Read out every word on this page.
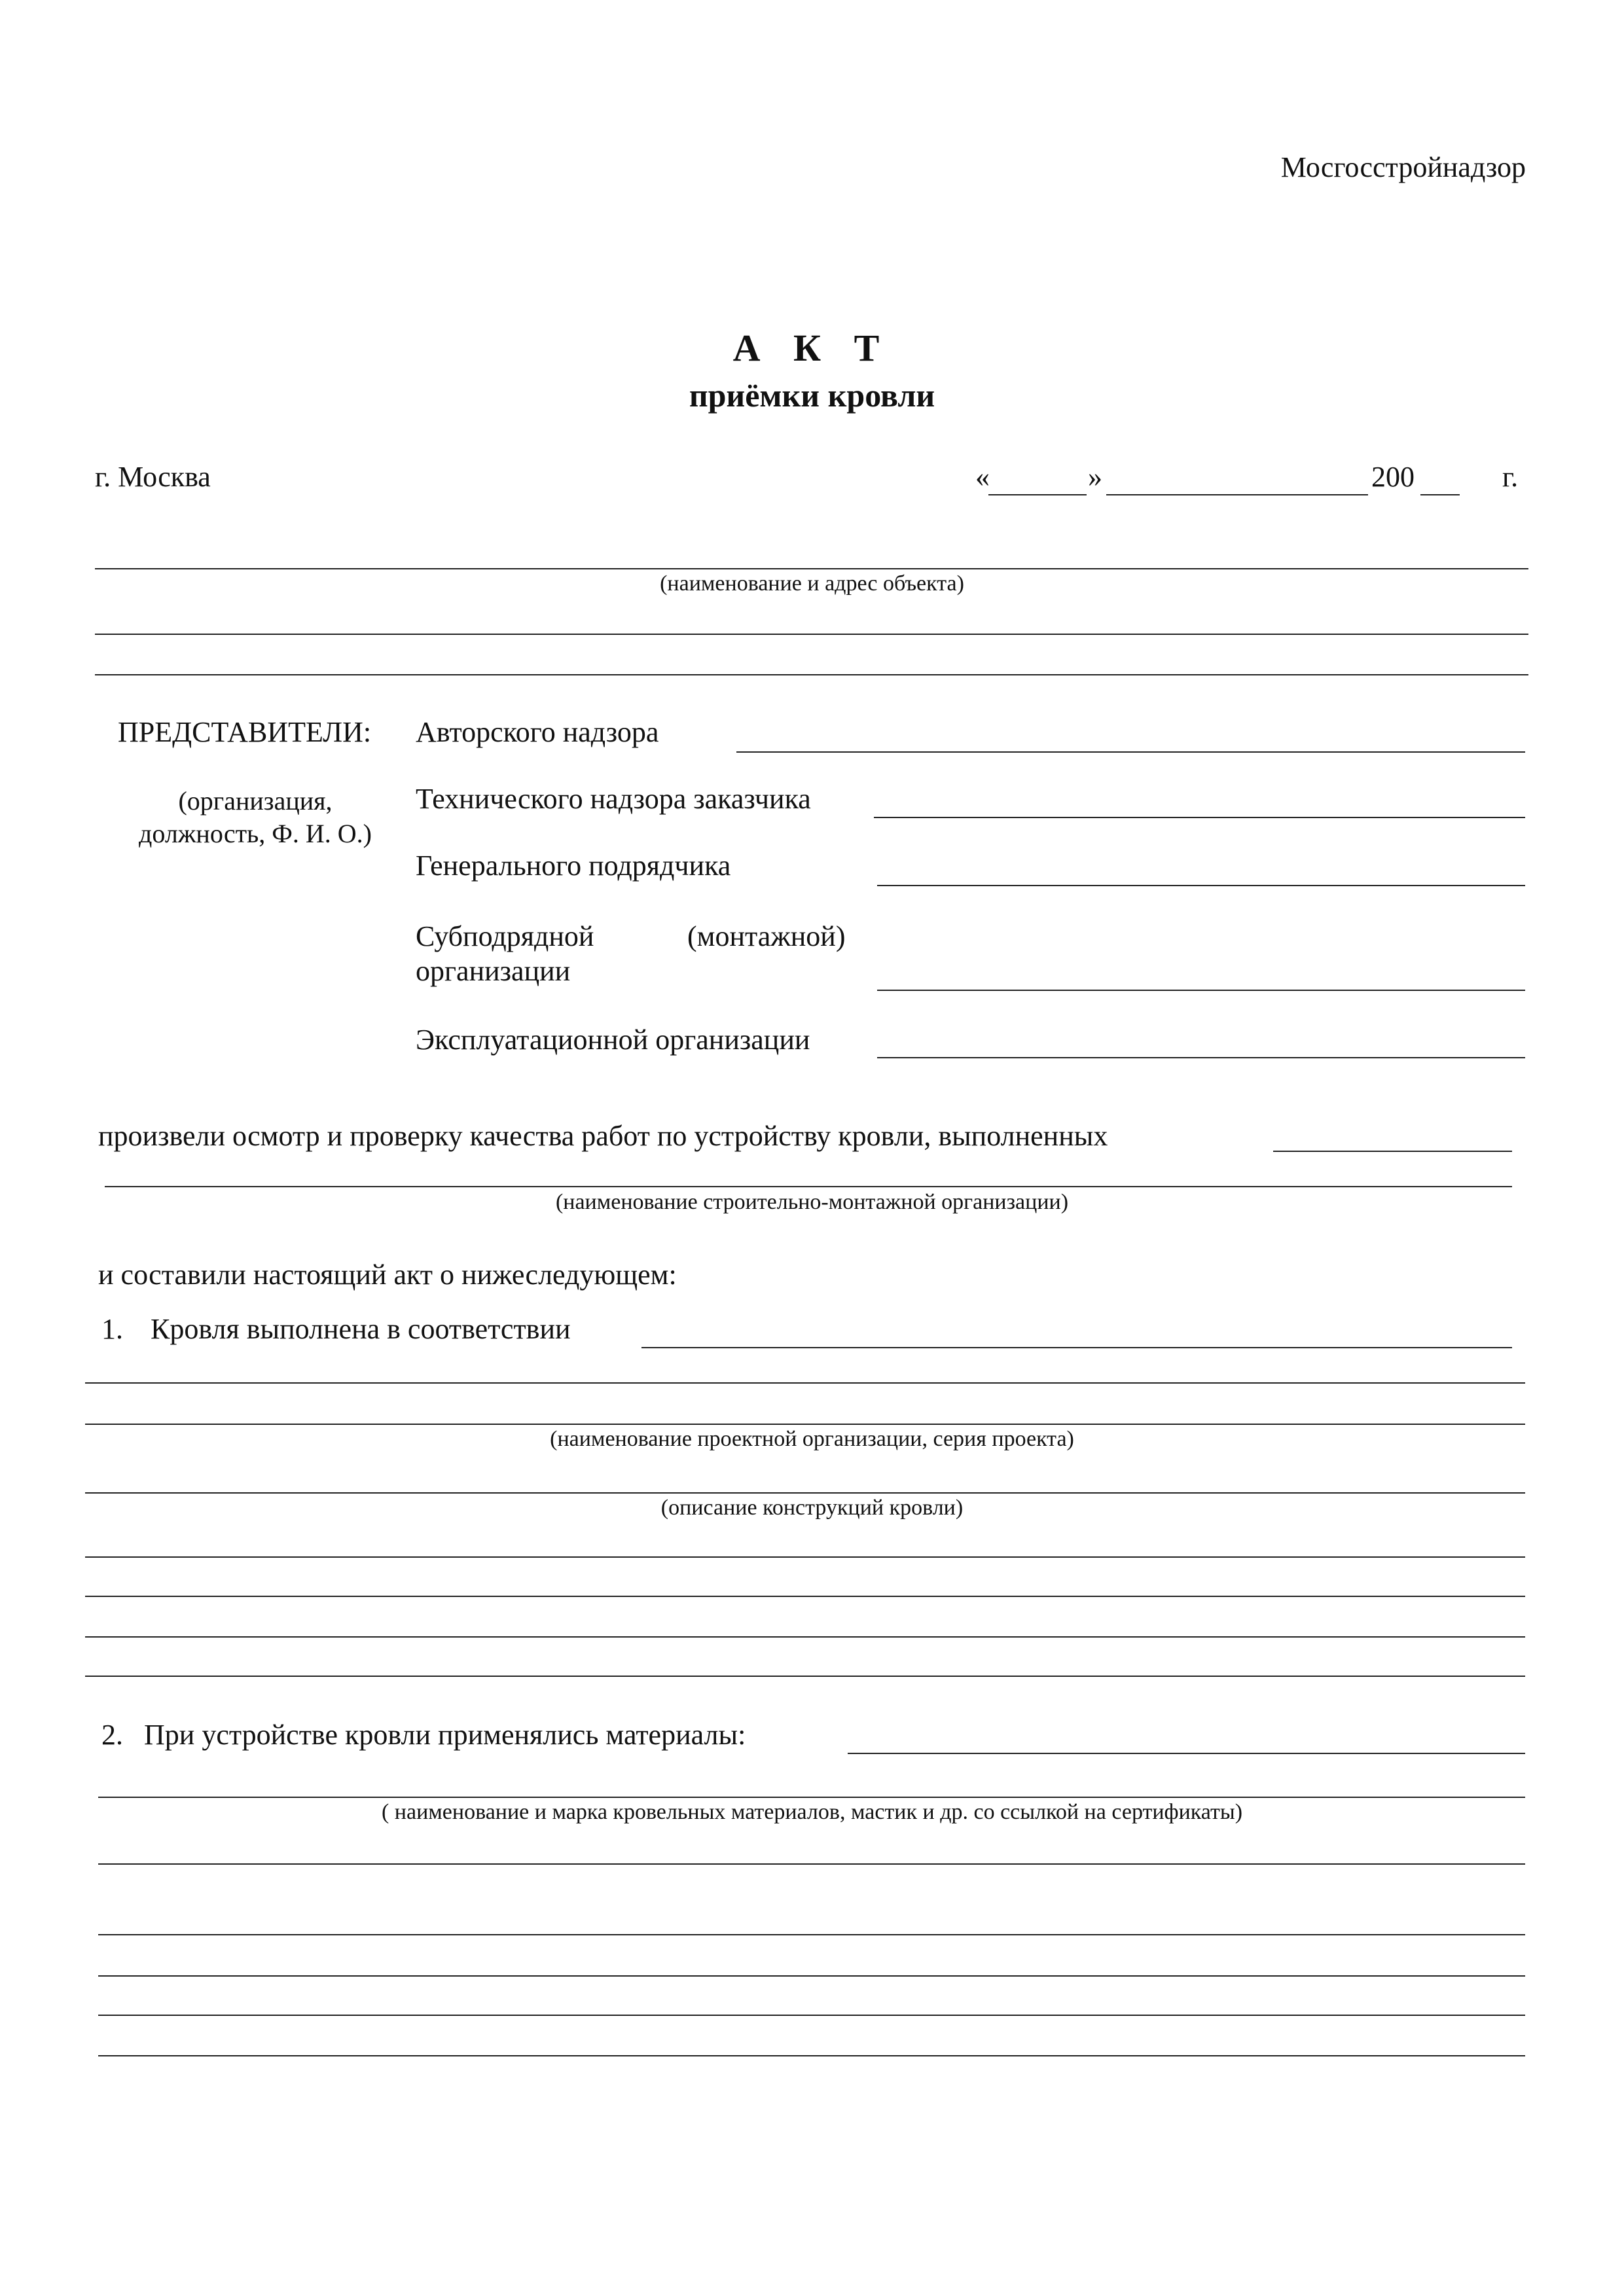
Мосгосстройнадзор
А К Т
приёмки кровли
г. Москва	«	»	200	г.
(наименование и адрес объекта)
ПРЕДСТАВИТЕЛИ:
(организация,
должность, Ф. И. О.)
Авторского надзора
Технического надзора заказчика
Генерального подрядчика
Субподрядной	(монтажной)
организации
Эксплуатационной организации
произвели осмотр и проверку качества работ по устройству кровли, выполненных
(наименование строительно-монтажной организации)
и составили настоящий акт о нижеследующем:
1. Кровля выполнена в соответствии
(наименование проектной организации, серия проекта)
(описание конструкций кровли)
2. При устройстве кровли применялись материалы:
( наименование и марка кровельных материалов, мастик и др. со ссылкой на сертификаты)
